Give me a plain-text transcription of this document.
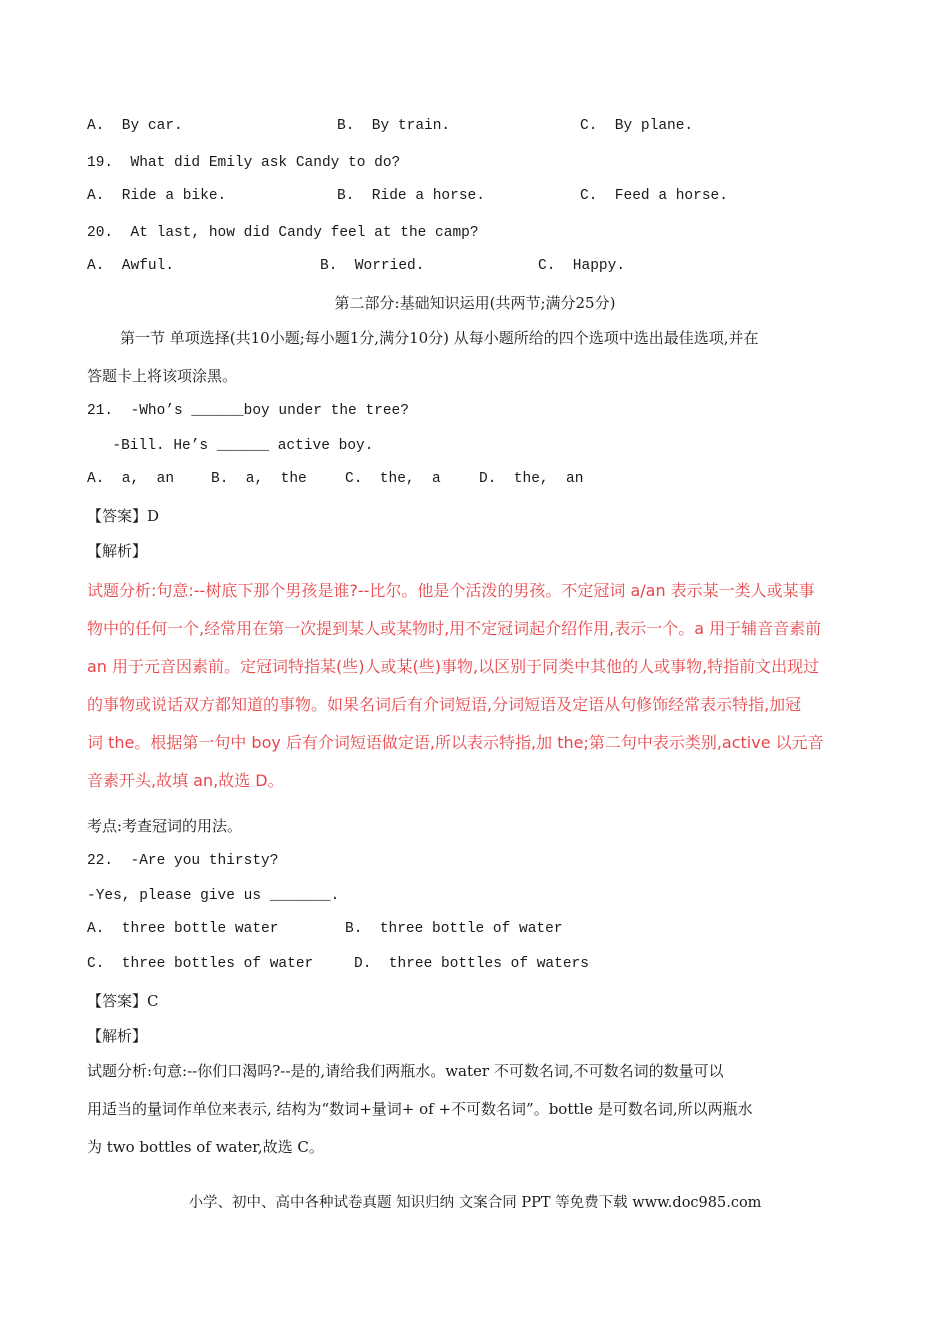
A.  By car.	B.  By train.	C.  By plane.
19.  What did Emily ask Candy to do?
A.  Ride a bike.	B.  Ride a horse.	C.  Feed a horse.
20.  At last, how did Candy feel at the camp?
A.  Awful.	B.  Worried.	C.  Happy.
第二部分:基础知识运用(共两节;满分25分)
第一节 单项选择(共10小题;每小题1分,满分10分) 从每小题所给的四个选项中选出最佳选项,并在
答题卡上将该项涂黑。
21.  -Who’s ______boy under the tree?
-Bill. He’s ______ active boy.
A.  a,  an	B.  a,  the	C.  the,  a	D.  the,  an
【答案】D
【解析】
试题分析:句意:--树底下那个男孩是谁?--比尔。他是个活泼的男孩。不定冠词 a/an 表示某一类人或某事
物中的任何一个,经常用在第一次提到某人或某物时,用不定冠词起介绍作用,表示一个。a 用于辅音音素前
an 用于元音因素前。定冠词特指某(些)人或某(些)事物,以区别于同类中其他的人或事物,特指前文出现过
的事物或说话双方都知道的事物。如果名词后有介词短语,分词短语及定语从句修饰经常表示特指,加冠
词 the。根据第一句中 boy 后有介词短语做定语,所以表示特指,加 the;第二句中表示类别,active 以元音
音素开头,故填 an,故选 D。
考点:考查冠词的用法。
22.  -Are you thirsty?
-Yes, please give us _______.
A.  three bottle water	B.  three bottle of water
C.  three bottles of water	D.  three bottles of waters
【答案】C
【解析】
试题分析:句意:--你们口渴吗?--是的,请给我们两瓶水。water 不可数名词,不可数名词的数量可以
用适当的量词作单位来表示, 结构为“数词+量词+ of +不可数名词”。bottle 是可数名词,所以两瓶水
为 two bottles of water,故选 C。
小学、初中、高中各种试卷真题 知识归纳 文案合同 PPT 等免费下载 www.doc985.com
